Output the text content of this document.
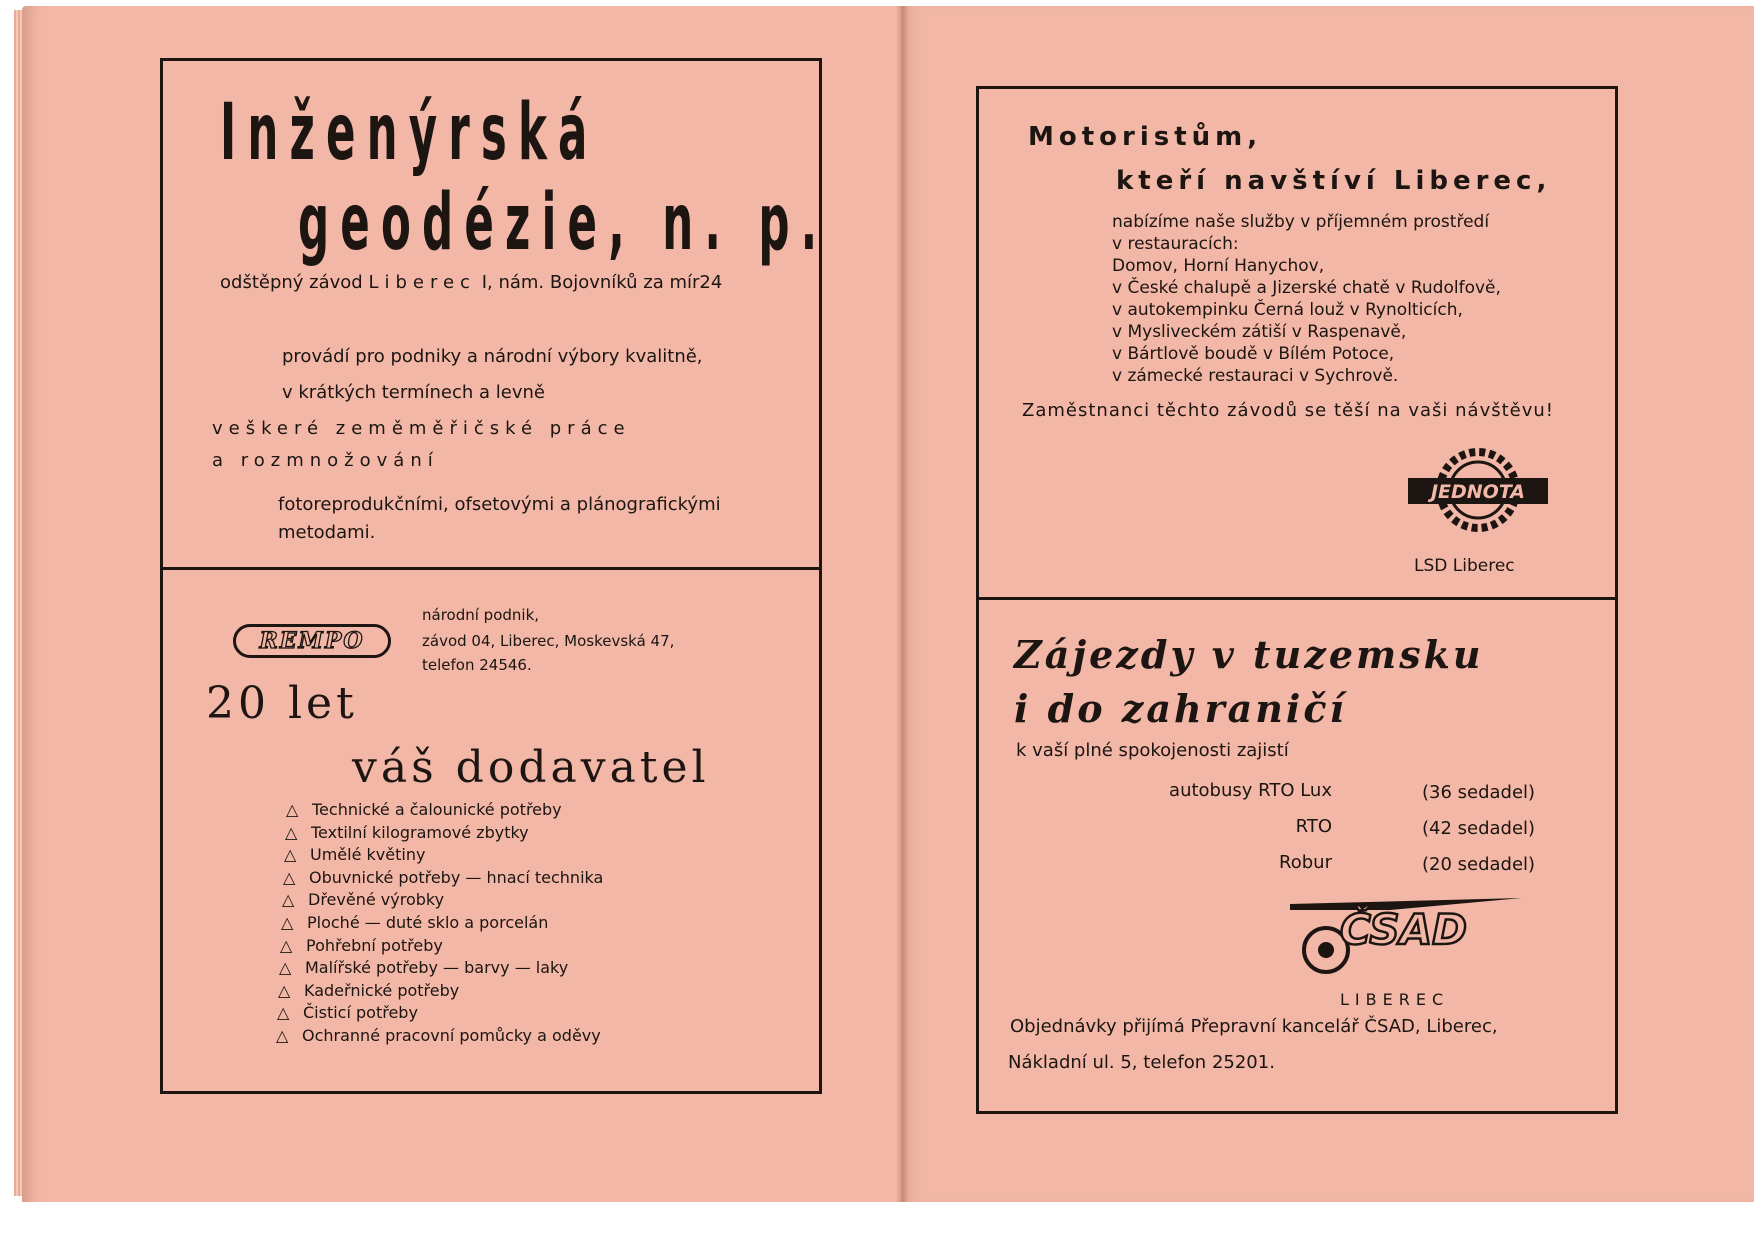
Inženýrská
geodézie, n. p.
odštěpný závod Liberec I, nám. Bojovníků za mír24
provádí pro podniky a národní výbory kvalitně,
v krátkých termínech a levně
veškeré zeměměřičské práce
a rozmnožování
fotoreprodukčními, ofsetovými a plánografickými
metodami.
REMPO
národní podnik,
závod 04, Liberec, Moskevská 47,
telefon 24546.
20 let
váš dodavatel
△ Technické a čalounické potřeby
△ Textilní kilogramové zbytky
△ Umělé květiny
△ Obuvnické potřeby — hnací technika
△ Dřevěné výrobky
△ Ploché — duté sklo a porcelán
△ Pohřební potřeby
△ Malířské potřeby — barvy — laky
△ Kadeřnické potřeby
△ Čisticí potřeby
△ Ochranné pracovní pomůcky a oděvy
Motoristům,
kteří navštíví Liberec,
nabízíme naše služby v příjemném prostředí
v restauracích:
Domov, Horní Hanychov,
v České chalupě a Jizerské chatě v Rudolfově,
v autokempinku Černá louž v Rynolticích,
v Mysliveckém zátiší v Raspenavě,
v Bártlově boudě v Bílém Potoce,
v zámecké restauraci v Sychrově.
Zaměstnanci těchto závodů se těší na vaši návštěvu!
JEDNOTA
LSD Liberec
Zájezdy v tuzemsku
i do zahraničí
k vaší plné spokojenosti zajistí
autobusy RTO Lux	(36 sedadel)
RTO	(42 sedadel)
Robur	(20 sedadel)
ČSAD
LIBEREC
Objednávky přijímá Přepravní kancelář ČSAD, Liberec,
Nákladní ul. 5, telefon 25201.
